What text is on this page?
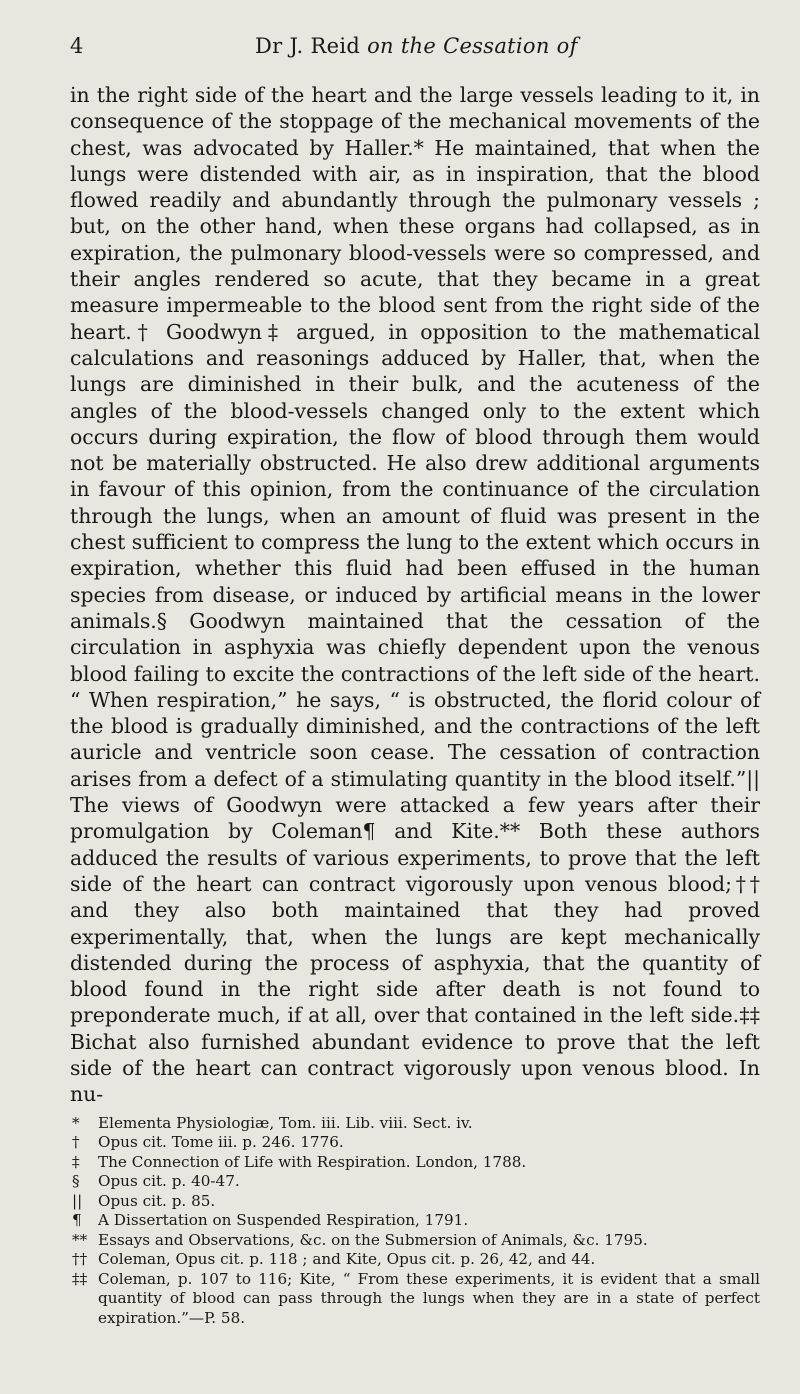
4	Dr J. Reid on the Cessation of

in the right side of the heart and the large vessels leading to it, in consequence of the stoppage of the mechanical movements of the chest, was advocated by Haller.* He maintained, that when the lungs were distended with air, as in inspiration, that the blood flowed readily and abundantly through the pulmonary vessels ; but, on the other hand, when these organs had collapsed, as in expiration, the pulmonary blood-vessels were so compressed, and their angles rendered so acute, that they became in a great measure impermeable to the blood sent from the right side of the heart.† Goodwyn‡ argued, in opposition to the mathematical calculations and reasonings adduced by Haller, that, when the lungs are diminished in their bulk, and the acuteness of the angles of the blood-vessels changed only to the extent which occurs during expiration, the flow of blood through them would not be materially obstructed. He also drew additional arguments in favour of this opinion, from the continuance of the circulation through the lungs, when an amount of fluid was present in the chest sufficient to compress the lung to the extent which occurs in expiration, whether this fluid had been effused in the human species from disease, or induced by artificial means in the lower animals.§ Goodwyn maintained that the cessation of the circulation in asphyxia was chiefly dependent upon the venous blood failing to excite the contractions of the left side of the heart. “ When respiration,” he says, “ is obstructed, the florid colour of the blood is gradually diminished, and the contractions of the left auricle and ventricle soon cease. The cessation of contraction arises from a defect of a stimulating quantity in the blood itself.”|| The views of Goodwyn were attacked a few years after their promulgation by Coleman¶ and Kite.** Both these authors adduced the results of various experiments, to prove that the left side of the heart can contract vigorously upon venous blood;†† and they also both maintained that they had proved experimentally, that, when the lungs are kept mechanically distended during the process of asphyxia, that the quantity of blood found in the right side after death is not found to preponderate much, if at all, over that contained in the left side.‡‡ Bichat also furnished abundant evidence to prove that the left side of the heart can contract vigorously upon venous blood. In nu-

*	Elementa Physiologiæ, Tom. iii. Lib. viii. Sect. iv.
†	Opus cit. Tome iii. p. 246. 1776.
‡	The Connection of Life with Respiration. London, 1788.
§	Opus cit. p. 40-47.
||	Opus cit. p. 85.
¶	A Dissertation on Suspended Respiration, 1791.
** Essays and Observations, &c. on the Submersion of Animals, &c. 1795.
†† Coleman, Opus cit. p. 118 ; and Kite, Opus cit. p. 26, 42, and 44.
‡‡ Coleman, p. 107 to 116; Kite, “ From these experiments, it is evident that a small quantity of blood can pass through the lungs when they are in a state of perfect expiration.”—P. 58.
